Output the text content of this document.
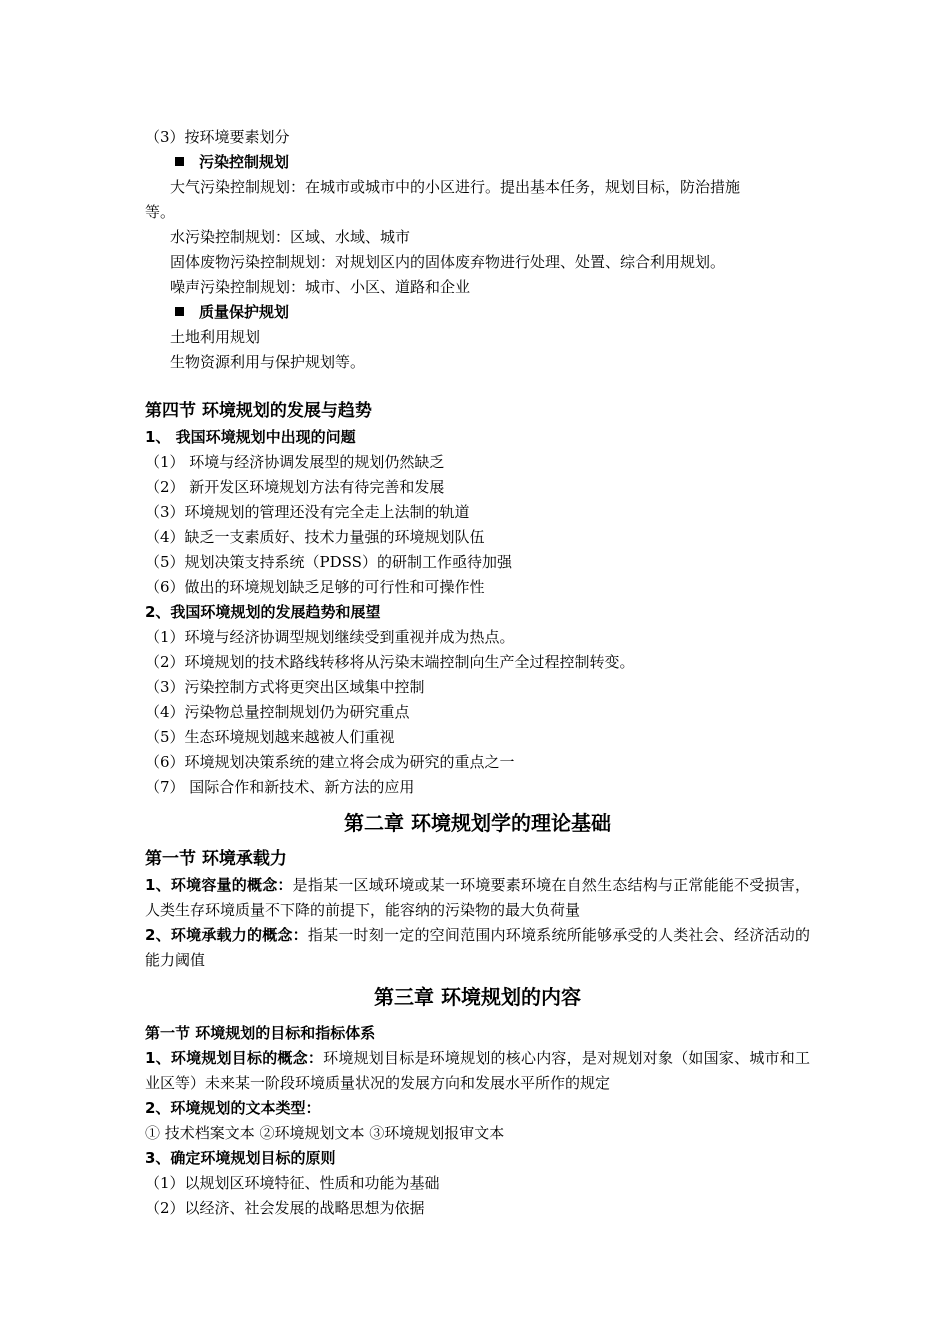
（3）按环境要素划分
污染控制规划
大气污染控制规划：在城市或城市中的小区进行。提出基本任务，规划目标，防治措施
等。
水污染控制规划：区域、水域、城市
固体废物污染控制规划：对规划区内的固体废弃物进行处理、处置、综合利用规划。
噪声污染控制规划：城市、小区、道路和企业
质量保护规划
土地利用规划
生物资源利用与保护规划等。
第四节 环境规划的发展与趋势
1、 我国环境规划中出现的问题
（1） 环境与经济协调发展型的规划仍然缺乏
（2） 新开发区环境规划方法有待完善和发展
（3）环境规划的管理还没有完全走上法制的轨道
（4）缺乏一支素质好、技术力量强的环境规划队伍
（5）规划决策支持系统（PDSS）的研制工作亟待加强
（6）做出的环境规划缺乏足够的可行性和可操作性
2、我国环境规划的发展趋势和展望
（1）环境与经济协调型规划继续受到重视并成为热点。
（2）环境规划的技术路线转移将从污染末端控制向生产全过程控制转变。
（3）污染控制方式将更突出区域集中控制
（4）污染物总量控制规划仍为研究重点
（5）生态环境规划越来越被人们重视
（6）环境规划决策系统的建立将会成为研究的重点之一
（7） 国际合作和新技术、新方法的应用
第二章 环境规划学的理论基础
第一节 环境承载力
1、环境容量的概念：是指某一区域环境或某一环境要素环境在自然生态结构与正常能能不受损害，人类生存环境质量不下降的前提下，能容纳的污染物的最大负荷量
2、环境承载力的概念：指某一时刻一定的空间范围内环境系统所能够承受的人类社会、经济活动的能力阈值
第三章 环境规划的内容
第一节 环境规划的目标和指标体系
1、环境规划目标的概念：环境规划目标是环境规划的核心内容，是对规划对象（如国家、城市和工业区等）未来某一阶段环境质量状况的发展方向和发展水平所作的规定
2、环境规划的文本类型：
① 技术档案文本 ②环境规划文本 ③环境规划报审文本
3、确定环境规划目标的原则
（1）以规划区环境特征、性质和功能为基础
（2）以经济、社会发展的战略思想为依据
